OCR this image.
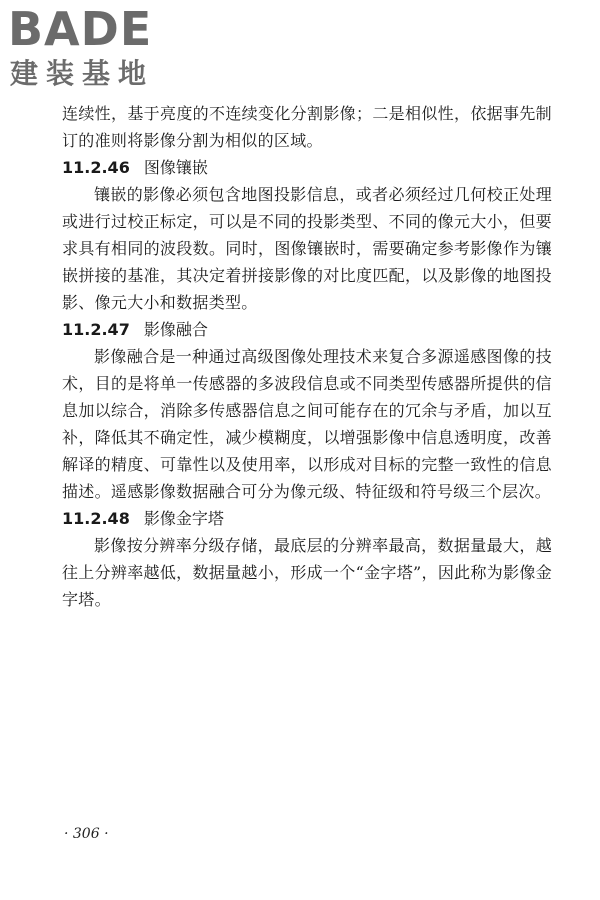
BADE
建装基地

连续性，基于亮度的不连续变化分割影像；二是相似性，依据事先制订的准则将影像分割为相似的区域。

11.2.46 图像镶嵌

镶嵌的影像必须包含地图投影信息，或者必须经过几何校正处理或进行过校正标定，可以是不同的投影类型、不同的像元大小，但要求具有相同的波段数。同时，图像镶嵌时，需要确定参考影像作为镶嵌拼接的基准，其决定着拼接影像的对比度匹配，以及影像的地图投影、像元大小和数据类型。

11.2.47 影像融合

影像融合是一种通过高级图像处理技术来复合多源遥感图像的技术，目的是将单一传感器的多波段信息或不同类型传感器所提供的信息加以综合，消除多传感器信息之间可能存在的冗余与矛盾，加以互补，降低其不确定性，减少模糊度，以增强影像中信息透明度，改善解译的精度、可靠性以及使用率，以形成对目标的完整一致性的信息描述。遥感影像数据融合可分为像元级、特征级和符号级三个层次。

11.2.48 影像金字塔

影像按分辨率分级存储，最底层的分辨率最高，数据量最大，越往上分辨率越低，数据量越小，形成一个“金字塔”，因此称为影像金字塔。

· 306 ·
